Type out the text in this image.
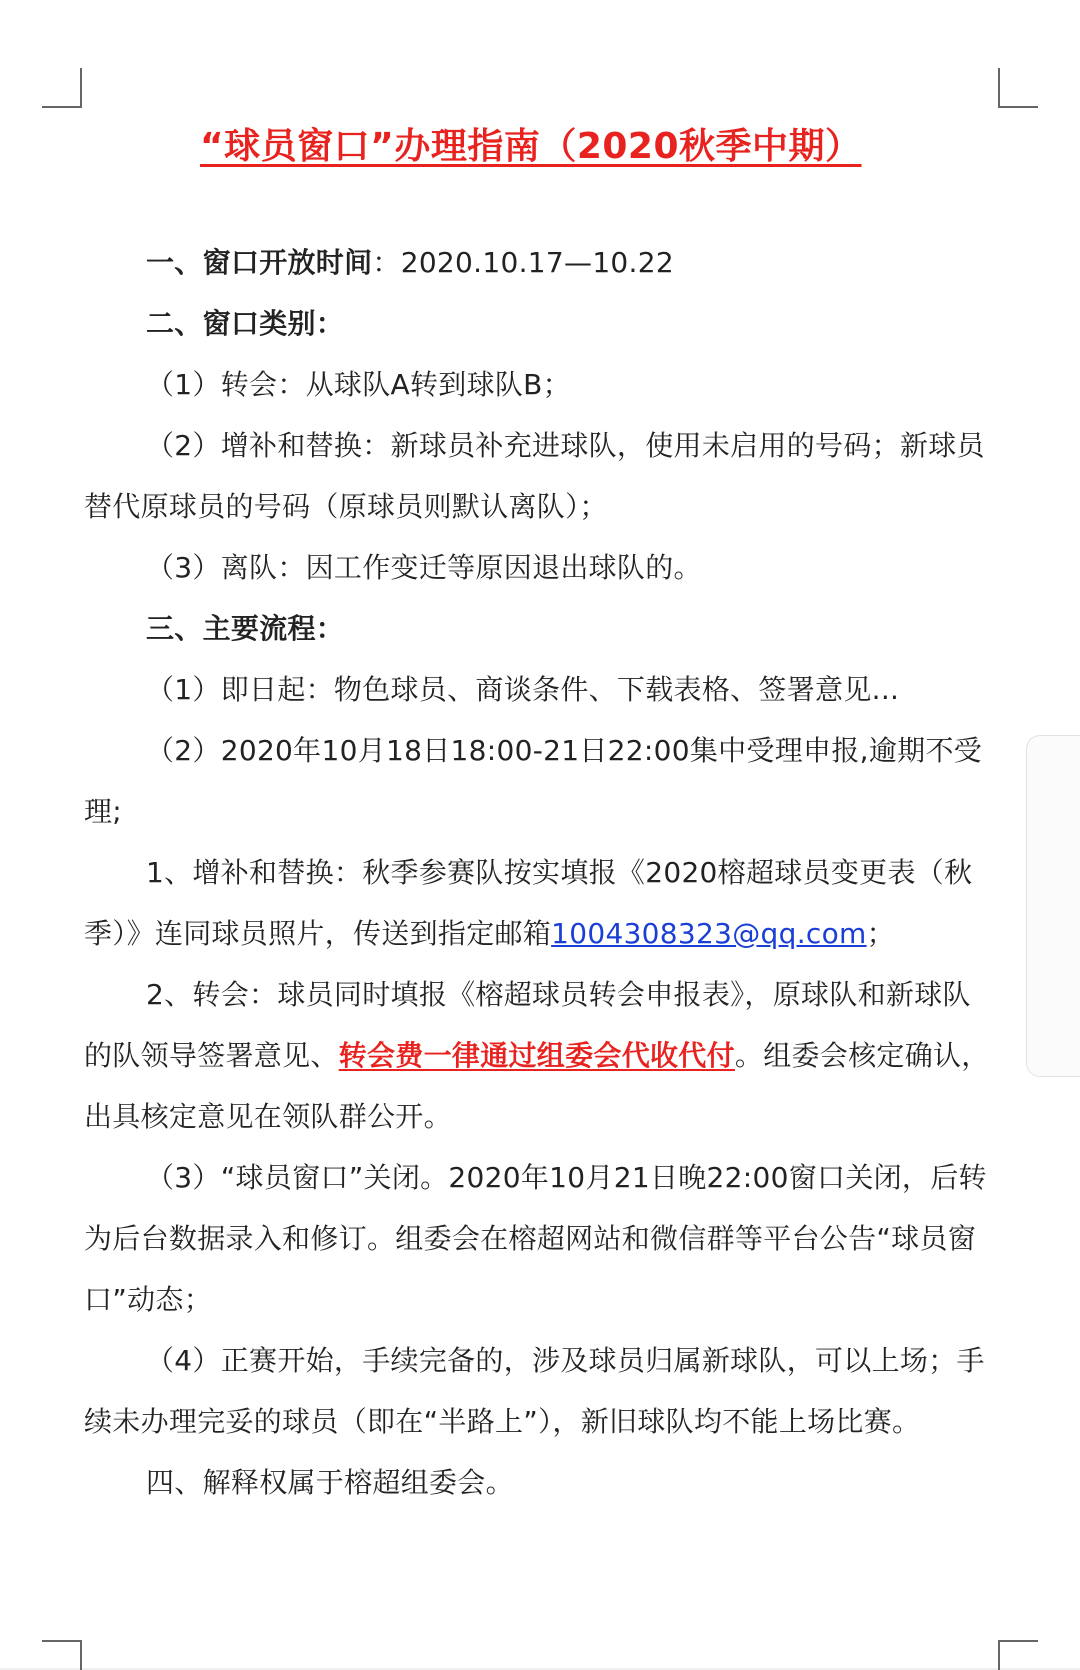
“球员窗口”办理指南（2020秋季中期）

一、窗口开放时间：2020.10.17—10.22

二、窗口类别：

（1）转会：从球队A转到球队B；

（2）增补和替换：新球员补充进球队，使用未启用的号码；新球员替代原球员的号码（原球员则默认离队）；

（3）离队：因工作变迁等原因退出球队的。

三、主要流程：

（1）即日起：物色球员、商谈条件、下载表格、签署意见...

（2）2020年10月18日18:00-21日22:00集中受理申报,逾期不受理;

1、增补和替换：秋季参赛队按实填报《2020榕超球员变更表（秋季）》连同球员照片，传送到指定邮箱1004308323@qq.com；

2、转会：球员同时填报《榕超球员转会申报表》，原球队和新球队的队领导签署意见、转会费一律通过组委会代收代付。组委会核定确认，出具核定意见在领队群公开。

（3）“球员窗口”关闭。2020年10月21日晚22:00窗口关闭，后转为后台数据录入和修订。组委会在榕超网站和微信群等平台公告“球员窗口”动态；

（4）正赛开始，手续完备的，涉及球员归属新球队，可以上场；手续未办理完妥的球员（即在“半路上”），新旧球队均不能上场比赛。

四、解释权属于榕超组委会。
